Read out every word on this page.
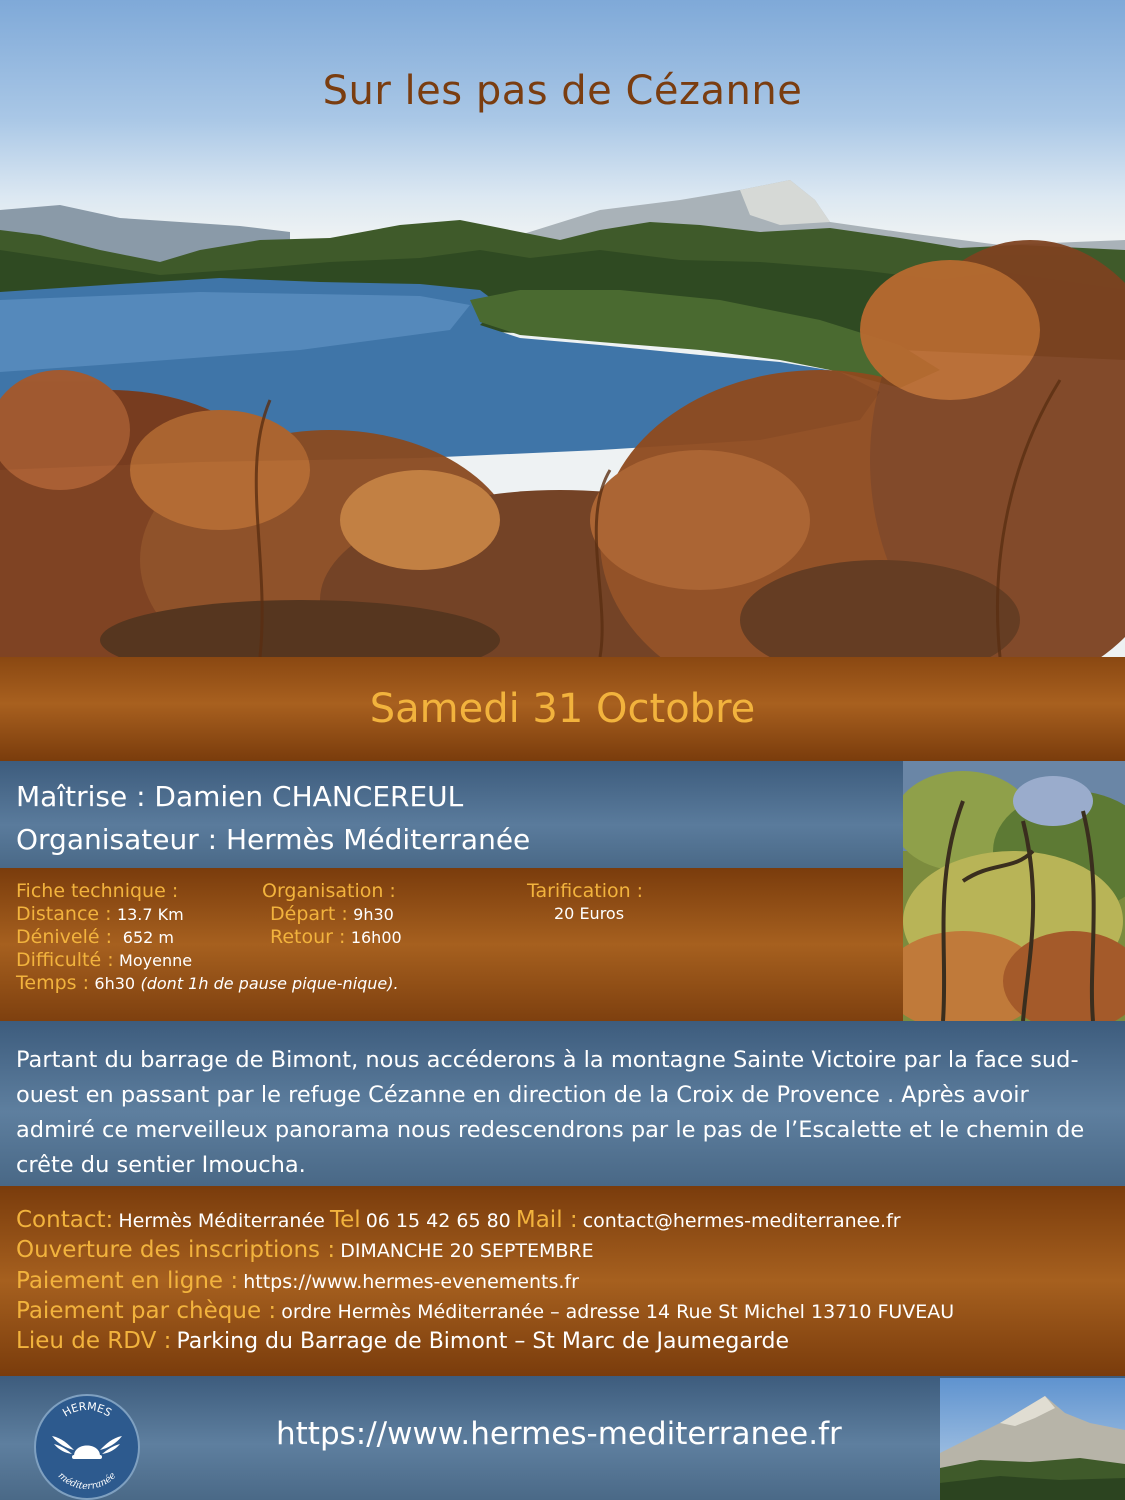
Sur les pas de Cézanne
Samedi 31 Octobre
Maîtrise : Damien CHANCEREUL
Organisateur : Hermès Méditerranée
Fiche technique :
Distance : 13.7 Km
Dénivelé : 652 m
Difficulté : Moyenne
Temps : 6h30 (dont 1h de pause pique-nique).
Organisation :
Départ : 9h30
Retour : 16h00
Tarification :
20 Euros

Partant du barrage de Bimont, nous accéderons à la montagne Sainte Victoire par la face sud-ouest en passant par le refuge Cézanne en direction de la Croix de Provence . Après avoir admiré ce merveilleux panorama nous redescendrons par le pas de l’Escalette et le chemin de crête du sentier Imoucha.

Contact: Hermès Méditerranée Tel 06 15 42 65 80 Mail : contact@hermes-mediterranee.fr
Ouverture des inscriptions : DIMANCHE 20 SEPTEMBRE
Paiement en ligne : https://www.hermes-evenements.fr
Paiement par chèque : ordre Hermès Méditerranée – adresse 14 Rue St Michel 13710 FUVEAU
Lieu de RDV : Parking du Barrage de Bimont – St Marc de Jaumegarde
HERMES
méditerranée
https://www.hermes-mediterranee.fr
